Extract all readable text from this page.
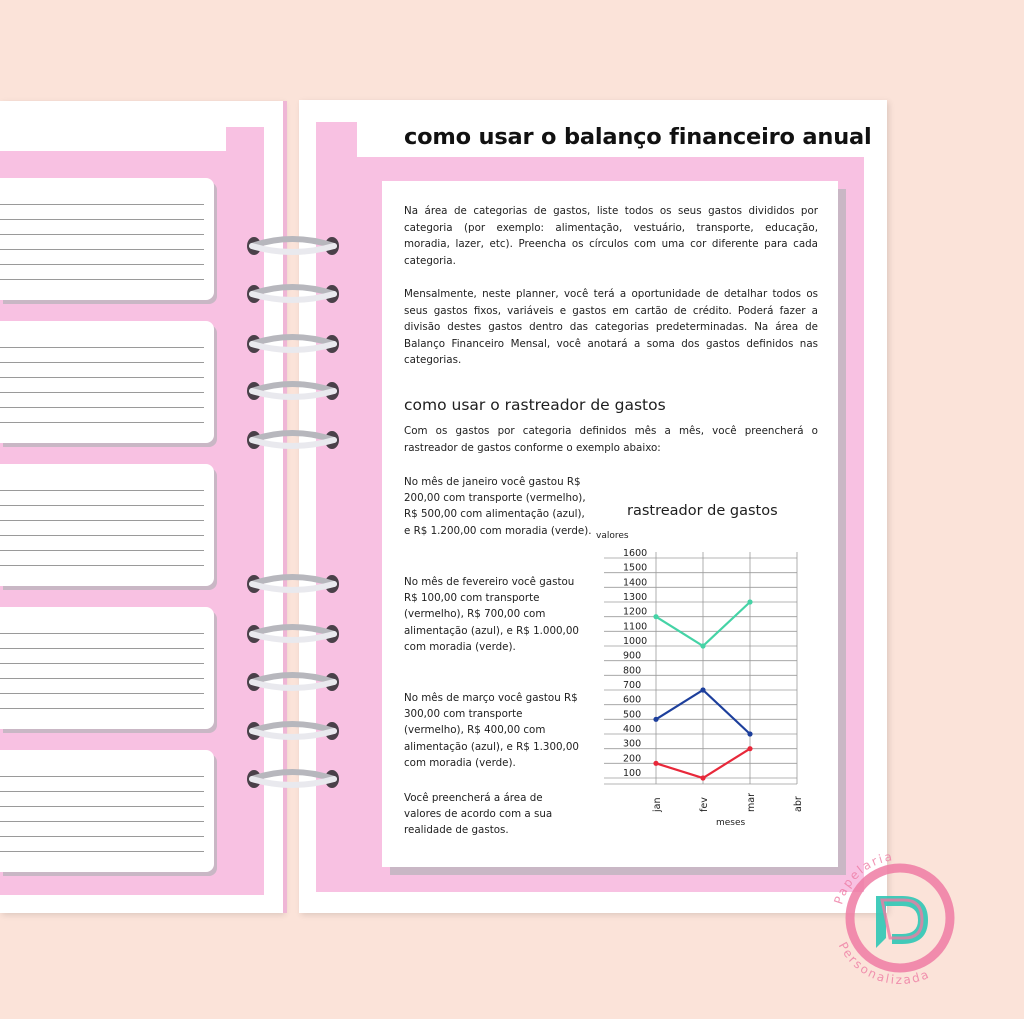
como usar o balanço financeiro anual
Na área de categorias de gastos, liste todos os seus gastos divididos por categoria (por exemplo: alimentação, vestuário, transporte, educação, moradia, lazer, etc). Preencha os círculos com uma cor diferente para cada categoria.
Mensalmente, neste planner, você terá a oportunidade de detalhar todos os seus gastos fixos, variáveis e gastos em cartão de crédito. Poderá fazer a divisão destes gastos dentro das categorias predeterminadas. Na área de Balanço Financeiro Mensal, você anotará a soma dos gastos definidos nas categorias.
como usar o rastreador de gastos
Com os gastos por categoria definidos mês a mês, você preencherá o rastreador de gastos conforme o exemplo abaixo:
No mês de janeiro você gastou R$ 200,00 com transporte (vermelho), R$ 500,00 com alimentação (azul), e R$ 1.200,00 com moradia (verde).
No mês de fevereiro você gastou R$ 100,00 com transporte (vermelho), R$ 700,00 com alimentação (azul), e R$ 1.000,00 com moradia (verde).
No mês de março você gastou R$ 300,00 com transporte (vermelho), R$ 400,00 com alimentação (azul), e R$ 1.300,00 com moradia (verde).
Você preencherá a área de valores de acordo com a sua realidade de gastos.
rastreador de gastos
valores
meses
100
200
300
400
500
600
700
800
900
1000
1100
1200
1300
1400
1500
1600
jan	fev	mar	abr
Papelaria
Personalizada
